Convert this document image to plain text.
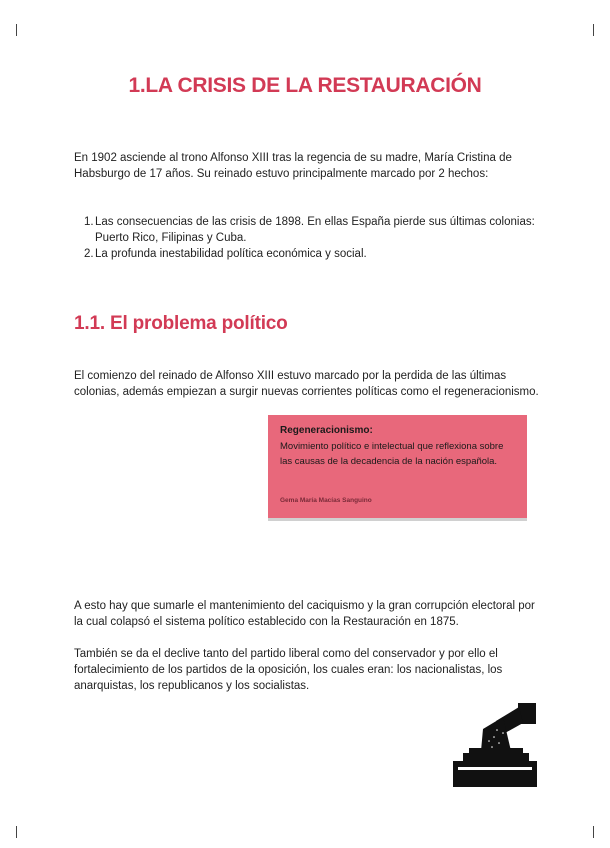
1.LA CRISIS DE LA RESTAURACIÓN
En 1902 asciende al trono Alfonso XIII tras la regencia de su madre, María Cristina de Habsburgo de 17 años. Su reinado estuvo principalmente marcado por 2 hechos:
1. Las consecuencias de las crisis de 1898. En ellas España pierde sus últimas colonias: Puerto Rico, Filipinas y Cuba.
2. La profunda inestabilidad política económica y social.
1.1. El problema político
El comienzo del reinado de Alfonso XIII estuvo marcado por la perdida de las últimas colonias, además empiezan a surgir nuevas corrientes políticas como el regeneracionismo.
Regeneracionismo:
Movimiento político e intelectual que reflexiona sobre las causas de la decadencia de la nación española.
Gema María Macías Sanguino
A esto hay que sumarle el mantenimiento del caciquismo y la gran corrupción electoral por la cual colapsó el sistema político establecido con la Restauración en 1875.
También se da el declive tanto del partido liberal como del conservador y por ello el fortalecimiento de los partidos de la oposición, los cuales eran: los nacionalistas, los anarquistas, los republicanos y los socialistas.
